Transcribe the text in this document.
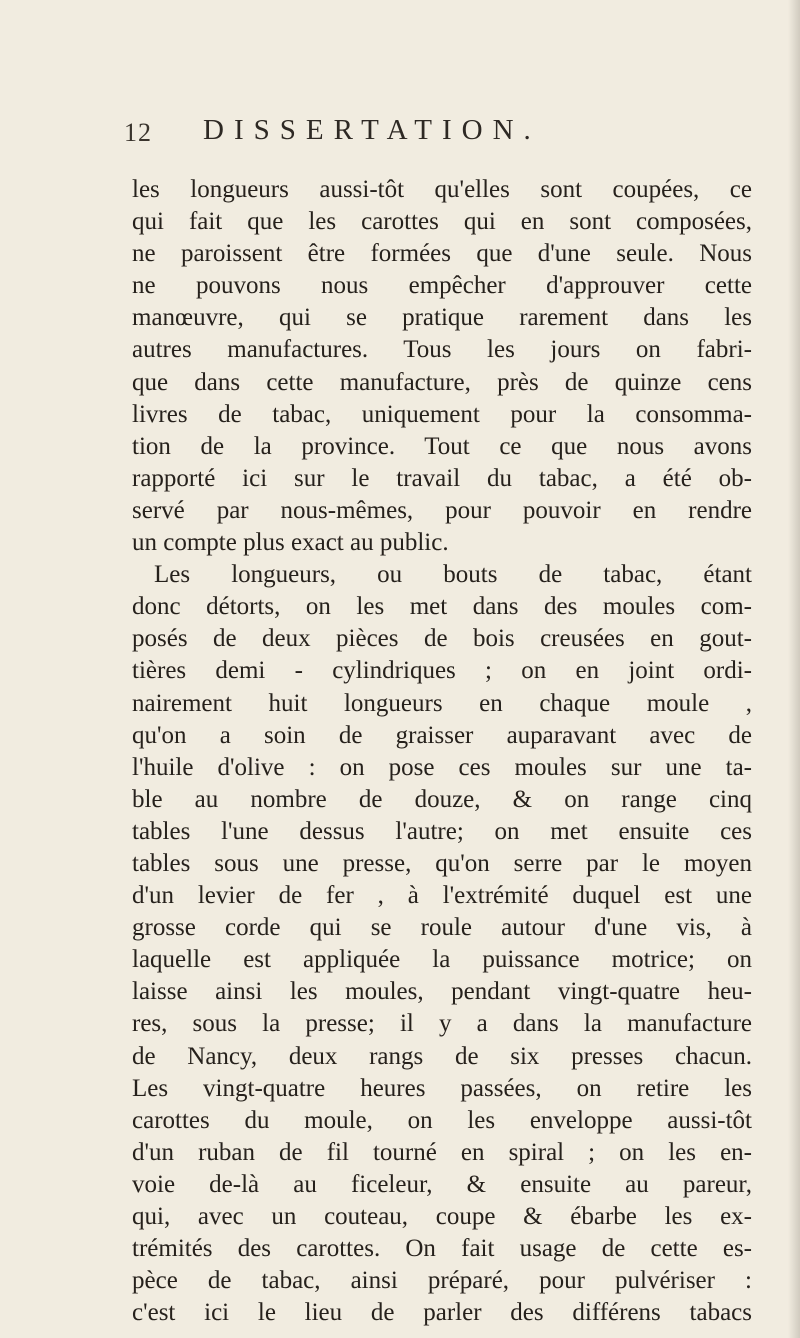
12 DISSERTATION.
les longueurs aussi-tôt qu'elles sont coupées, ce
qui fait que les carottes qui en sont composées,
ne paroissent être formées que d'une seule. Nous
ne pouvons nous empêcher d'approuver cette
manœuvre, qui se pratique rarement dans les
autres manufactures. Tous les jours on fabri-
que dans cette manufacture, près de quinze cens
livres de tabac, uniquement pour la consomma-
tion de la province. Tout ce que nous avons
rapporté ici sur le travail du tabac, a été ob-
servé par nous-mêmes, pour pouvoir en rendre
un compte plus exact au public.
Les longueurs, ou bouts de tabac, étant
donc détorts, on les met dans des moules com-
posés de deux pièces de bois creusées en gout-
tières demi - cylindriques ; on en joint ordi-
nairement huit longueurs en chaque moule ,
qu'on a soin de graisser auparavant avec de
l'huile d'olive : on pose ces moules sur une ta-
ble au nombre de douze, & on range cinq
tables l'une dessus l'autre; on met ensuite ces
tables sous une presse, qu'on serre par le moyen
d'un levier de fer , à l'extrémité duquel est une
grosse corde qui se roule autour d'une vis, à
laquelle est appliquée la puissance motrice; on
laisse ainsi les moules, pendant vingt-quatre heu-
res, sous la presse; il y a dans la manufacture
de Nancy, deux rangs de six presses chacun.
Les vingt-quatre heures passées, on retire les
carottes du moule, on les enveloppe aussi-tôt
d'un ruban de fil tourné en spiral ; on les en-
voie de-là au ficeleur, & ensuite au pareur,
qui, avec un couteau, coupe & ébarbe les ex-
trémités des carottes. On fait usage de cette es-
pèce de tabac, ainsi préparé, pour pulvériser :
c'est ici le lieu de parler des différens tabacs
